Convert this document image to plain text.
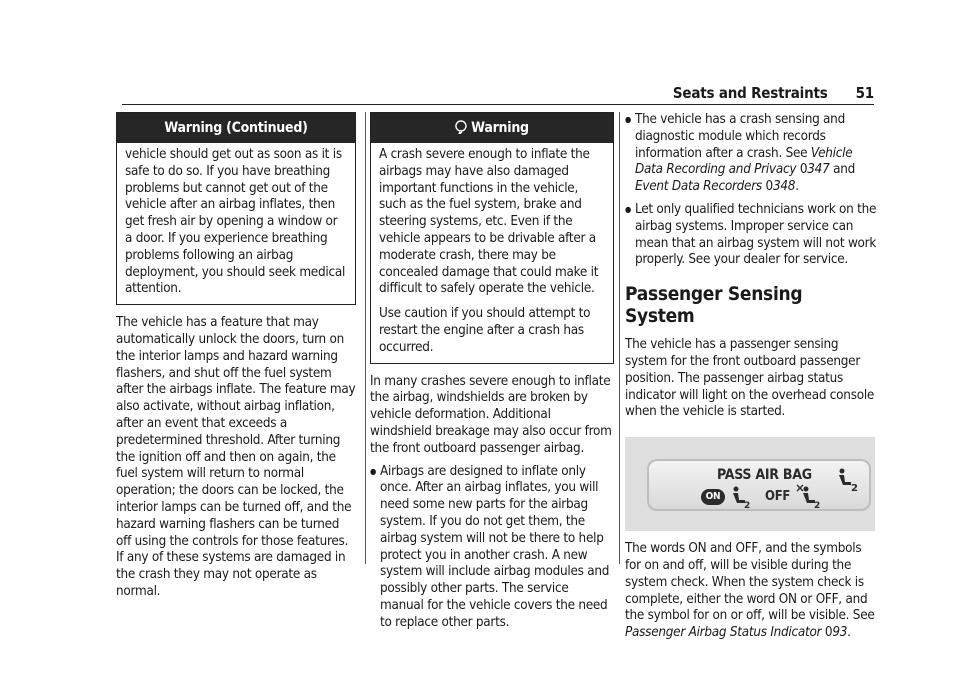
Seats and Restraints 51
Warning (Continued)

vehicle should get out as soon as it is safe to do so. If you have breathing problems but cannot get out of the vehicle after an airbag inflates, then get fresh air by opening a window or a door. If you experience breathing problems following an airbag deployment, you should seek medical attention.

The vehicle has a feature that may automatically unlock the doors, turn on the interior lamps and hazard warning flashers, and shut off the fuel system after the airbags inflate. The feature may also activate, without airbag inflation, after an event that exceeds a predetermined threshold. After turning the ignition off and then on again, the fuel system will return to normal operation; the doors can be locked, the interior lamps can be turned off, and the hazard warning flashers can be turned off using the controls for those features. If any of these systems are damaged in the crash they may not operate as normal.

Warning

A crash severe enough to inflate the airbags may have also damaged important functions in the vehicle, such as the fuel system, brake and steering systems, etc. Even if the vehicle appears to be drivable after a moderate crash, there may be concealed damage that could make it difficult to safely operate the vehicle.

Use caution if you should attempt to restart the engine after a crash has occurred.

In many crashes severe enough to inflate the airbag, windshields are broken by vehicle deformation. Additional windshield breakage may also occur from the front outboard passenger airbag.

● Airbags are designed to inflate only once. After an airbag inflates, you will need some new parts for the airbag system. If you do not get them, the airbag system will not be there to help protect you in another crash. A new system will include airbag modules and possibly other parts. The service manual for the vehicle covers the need to replace other parts.
● The vehicle has a crash sensing and diagnostic module which records information after a crash. See Vehicle Data Recording and Privacy 0347 and Event Data Recorders 0348.
● Let only qualified technicians work on the airbag systems. Improper service can mean that an airbag system will not work properly. See your dealer for service.
Passenger Sensing System

The vehicle has a passenger sensing system for the front outboard passenger position. The passenger airbag status indicator will light on the overhead console when the vehicle is started.

PASS AIR BAG
2
ON
2
OFF
2

The words ON and OFF, and the symbols for on and off, will be visible during the system check. When the system check is complete, either the word ON or OFF, and the symbol for on or off, will be visible. See Passenger Airbag Status Indicator 093.
